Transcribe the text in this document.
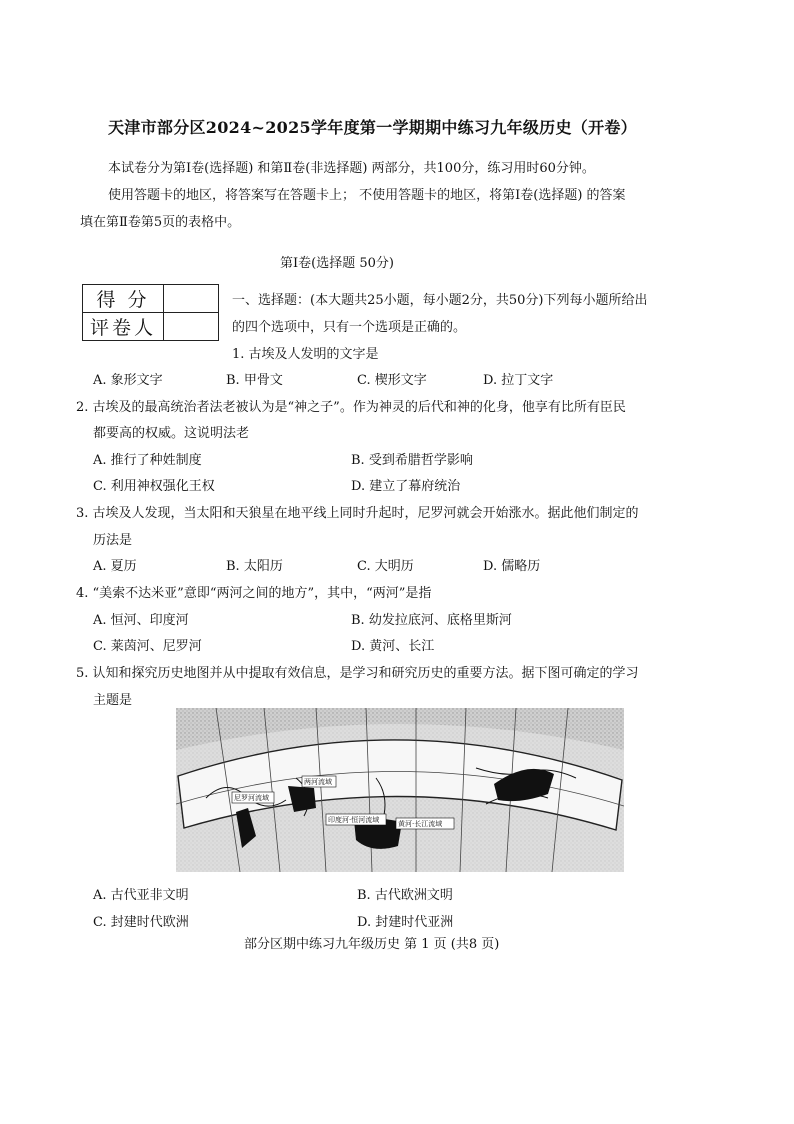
天津市部分区2024~2025学年度第一学期期中练习九年级历史（开卷）
本试卷分为第Ⅰ卷(选择题) 和第Ⅱ卷(非选择题) 两部分，共100分，练习用时60分钟。
使用答题卡的地区，将答案写在答题卡上； 不使用答题卡的地区，将第Ⅰ卷(选择题) 的答案
填在第Ⅱ卷第5页的表格中。
第Ⅰ卷(选择题 50分)
得 分	
评卷人	
一、选择题：(本大题共25小题，每小题2分，共50分)下列每小题所给出
的四个选项中，只有一个选项是正确的。
1. 古埃及人发明的文字是
A. 象形文字	B. 甲骨文	C. 楔形文字	D. 拉丁文字
2. 古埃及的最高统治者法老被认为是“神之子”。作为神灵的后代和神的化身，他享有比所有臣民
都要高的权威。这说明法老
A. 推行了种姓制度	B. 受到希腊哲学影响
C. 利用神权强化王权	D. 建立了幕府统治
3. 古埃及人发现，当太阳和天狼星在地平线上同时升起时，尼罗河就会开始涨水。据此他们制定的
历法是
A. 夏历	B. 太阳历	C. 大明历	D. 儒略历
4. “美索不达米亚”意即“两河之间的地方”，其中，“两河”是指
A. 恒河、印度河	B. 幼发拉底河、底格里斯河
C. 莱茵河、尼罗河	D. 黄河、长江
5. 认知和探究历史地图并从中提取有效信息，是学习和研究历史的重要方法。据下图可确定的学习
主题是
尼罗河流域
两河流域
印度河·恒河流域	黄河·长江流域
A. 古代亚非文明	B. 古代欧洲文明
C. 封建时代欧洲	D. 封建时代亚洲
部分区期中练习九年级历史 第 1 页 (共8 页)
